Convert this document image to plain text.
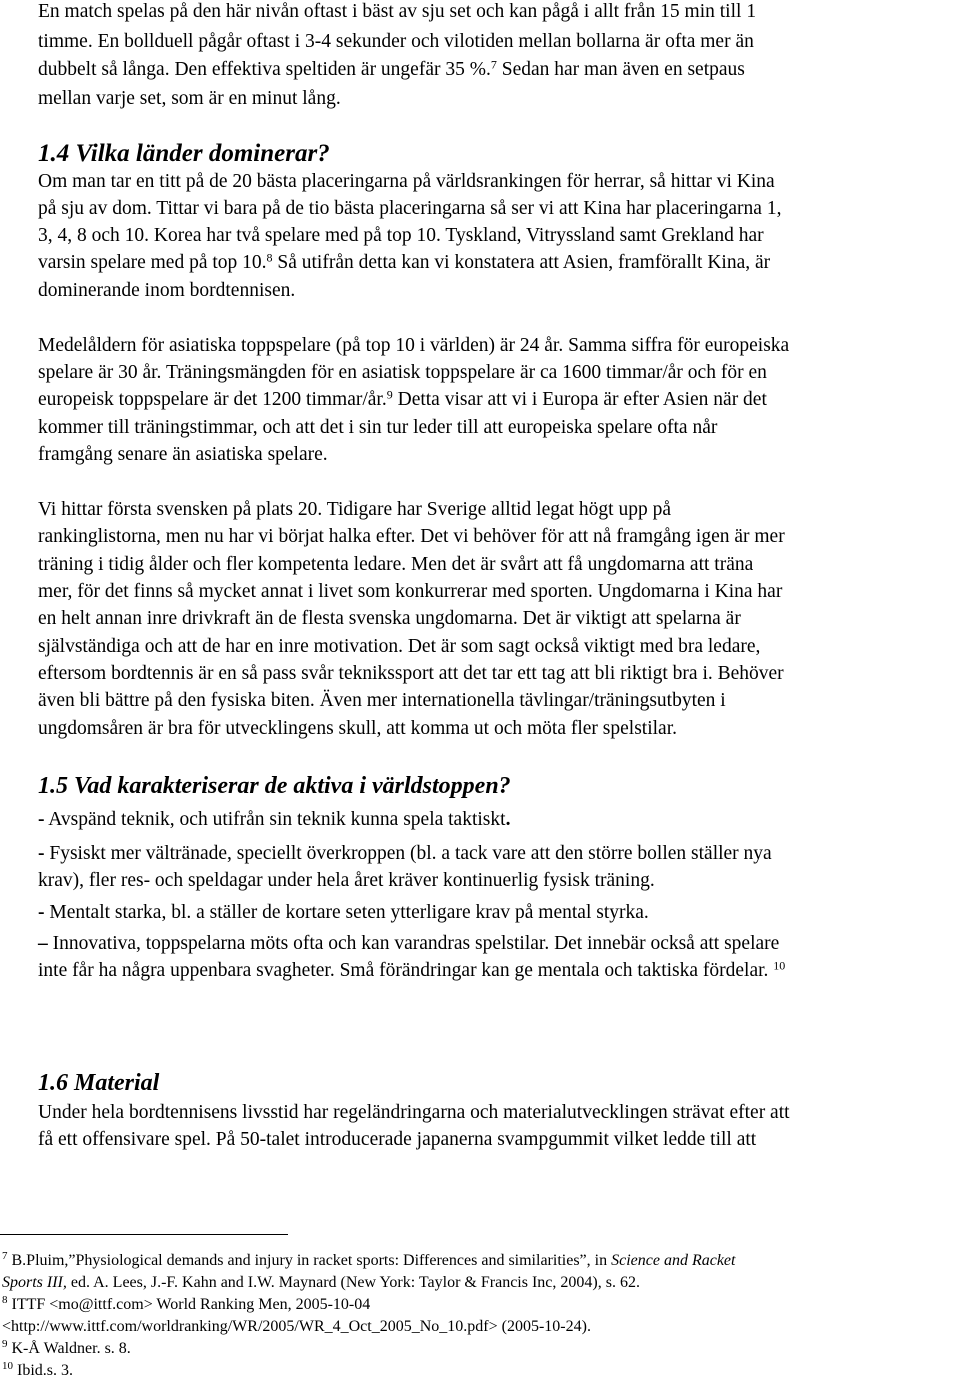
En match spelas på den här nivån oftast i bäst av sju set och kan pågå i allt från 15 min till 1
timme. En bollduell pågår oftast i 3-4 sekunder och vilotiden mellan bollarna är ofta mer än
dubbelt så långa. Den effektiva speltiden är ungefär 35 %.$^7$ Sedan har man även en setpaus
mellan varje set, som är en minut lång.
1.4 Vilka länder dominerar?
Om man tar en titt på de 20 bästa placeringarna på världsrankingen för herrar, så hittar vi Kina
på sju av dom. Tittar vi bara på de tio bästa placeringarna så ser vi att Kina har placeringarna 1,
3, 4, 8 och 10. Korea har två spelare med på top 10. Tyskland, Vitryssland samt Grekland har
varsin spelare med på top 10.$^8$ Så utifrån detta kan vi konstatera att Asien, framförallt Kina, är
dominerande inom bordtennisen.
Medelåldern för asiatiska toppspelare (på top 10 i världen) är 24 år. Samma siffra för europeiska
spelare är 30 år. Träningsmängden för en asiatisk toppspelare är ca 1600 timmar/år och för en
europeisk toppspelare är det 1200 timmar/år.$^9$ Detta visar att vi i Europa är efter Asien när det
kommer till träningstimmar, och att det i sin tur leder till att europeiska spelare ofta når
framgång senare än asiatiska spelare.
Vi hittar första svensken på plats 20. Tidigare har Sverige alltid legat högt upp på
rankinglistorna, men nu har vi börjat halka efter. Det vi behöver för att nå framgång igen är mer
träning i tidig ålder och fler kompetenta ledare. Men det är svårt att få ungdomarna att träna
mer, för det finns så mycket annat i livet som konkurrerar med sporten. Ungdomarna i Kina har
en helt annan inre drivkraft än de flesta svenska ungdomarna. Det är viktigt att spelarna är
självständiga och att de har en inre motivation. Det är som sagt också viktigt med bra ledare,
eftersom bordtennis är en så pass svår teknikssport att det tar ett tag att bli riktigt bra i. Behöver
även bli bättre på den fysiska biten. Även mer internationella tävlingar/träningsutbyten i
ungdomsåren är bra för utvecklingens skull, att komma ut och möta fler spelstilar.
1.5 Vad karakteriserar de aktiva i världstoppen?
- Avspänd teknik, och utifrån sin teknik kunna spela taktiskt.
- Fysiskt mer vältränade, speciellt överkroppen (bl. a tack vare att den större bollen ställer nya
krav), fler res- och speldagar under hela året kräver kontinuerlig fysisk träning.
- Mentalt starka, bl. a ställer de kortare seten ytterligare krav på mental styrka.
– Innovativa, toppspelarna möts ofta och kan varandras spelstilar. Det innebär också att spelare
inte får ha några uppenbara svagheter. Små förändringar kan ge mentala och taktiska fördelar. $^{10}$
1.6 Material
Under hela bordtennisens livsstid har regeländringarna och materialutvecklingen strävat efter att
få ett offensivare spel. På 50-talet introducerade japanerna svampgummit vilket ledde till att
$^7$ B.Pluim,”Physiological demands and injury in racket sports: Differences and similarities”, in Science and Racket
Sports III, ed. A. Lees, J.-F. Kahn and I.W. Maynard (New York: Taylor & Francis Inc, 2004), s. 62.
$^8$ ITTF <mo@ittf.com> World Ranking Men, 2005-10-04
<http://www.ittf.com/worldranking/WR/2005/WR_4_Oct_2005_No_10.pdf> (2005-10-24).
$^9$ K-Å Waldner. s. 8.
$^{10}$ Ibid.s. 3.
